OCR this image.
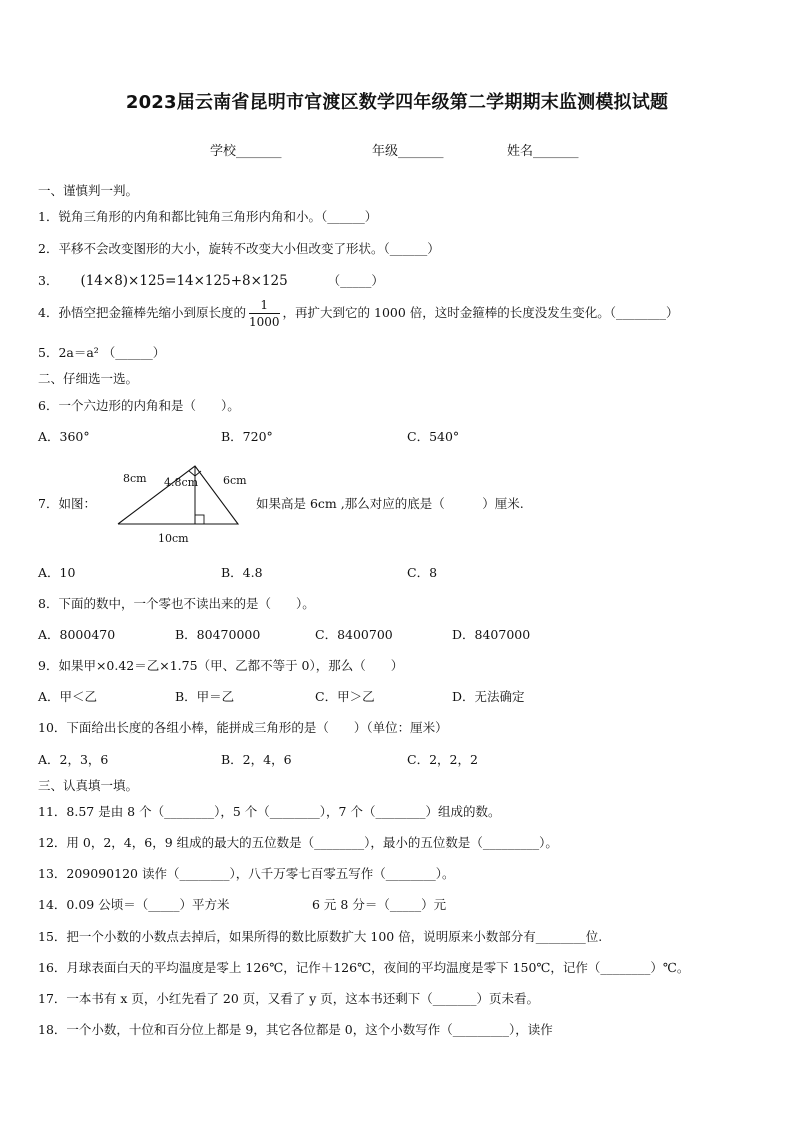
2023届云南省昆明市官渡区数学四年级第二学期期末监测模拟试题
学校_______	年级_______	姓名_______
一、谨慎判一判。
1．锐角三角形的内角和都比钝角三角形内角和小。（______）
2．平移不会改变图形的大小，旋转不改变大小但改变了形状。（______）
3． (14×8)×125=14×125+8×125	（_____）
4．孙悟空把金箍棒先缩小到原长度的 $\frac{1}{1000}$ ，再扩大到它的 1000 倍，这时金箍棒的长度没发生变化。（________）
5．2a＝a² （______）
二、仔细选一选。
6．一个六边形的内角和是（　　）。
A．360°	B．720°	C．540°
7．如图：
8cm 4.8cm 6cm
10cm
如果高是 6cm ,那么对应的底是（　　　）厘米.
A．10	B．4.8	C．8
8．下面的数中，一个零也不读出来的是（　　）。
A．8000470	B．80470000	C．8400700	D．8407000
9．如果甲×0.42＝乙×1.75（甲、乙都不等于 0），那么（　　）
A．甲＜乙	B．甲＝乙	C．甲＞乙	D．无法确定
10．下面给出长度的各组小棒，能拼成三角形的是（　　）（单位：厘米）
A．2，3，6	B．2，4，6	C．2，2，2
三、认真填一填。
11．8.57 是由 8 个（________），5 个（________），7 个（________）组成的数。
12．用 0，2，4，6，9 组成的最大的五位数是（________），最小的五位数是（_________）。
13．209090120 读作（________），八千万零七百零五写作（________）。
14．0.09 公顷＝（_____）平方米	6 元 8 分＝（_____）元
15．把一个小数的小数点去掉后，如果所得的数比原数扩大 100 倍，说明原来小数部分有________位.
16．月球表面白天的平均温度是零上 126℃，记作＋126℃，夜间的平均温度是零下 150℃，记作（________）℃。
17．一本书有 x 页，小红先看了 20 页，又看了 y 页，这本书还剩下（_______）页未看。
18．一个小数，十位和百分位上都是 9，其它各位都是 0，这个小数写作（_________），读作
